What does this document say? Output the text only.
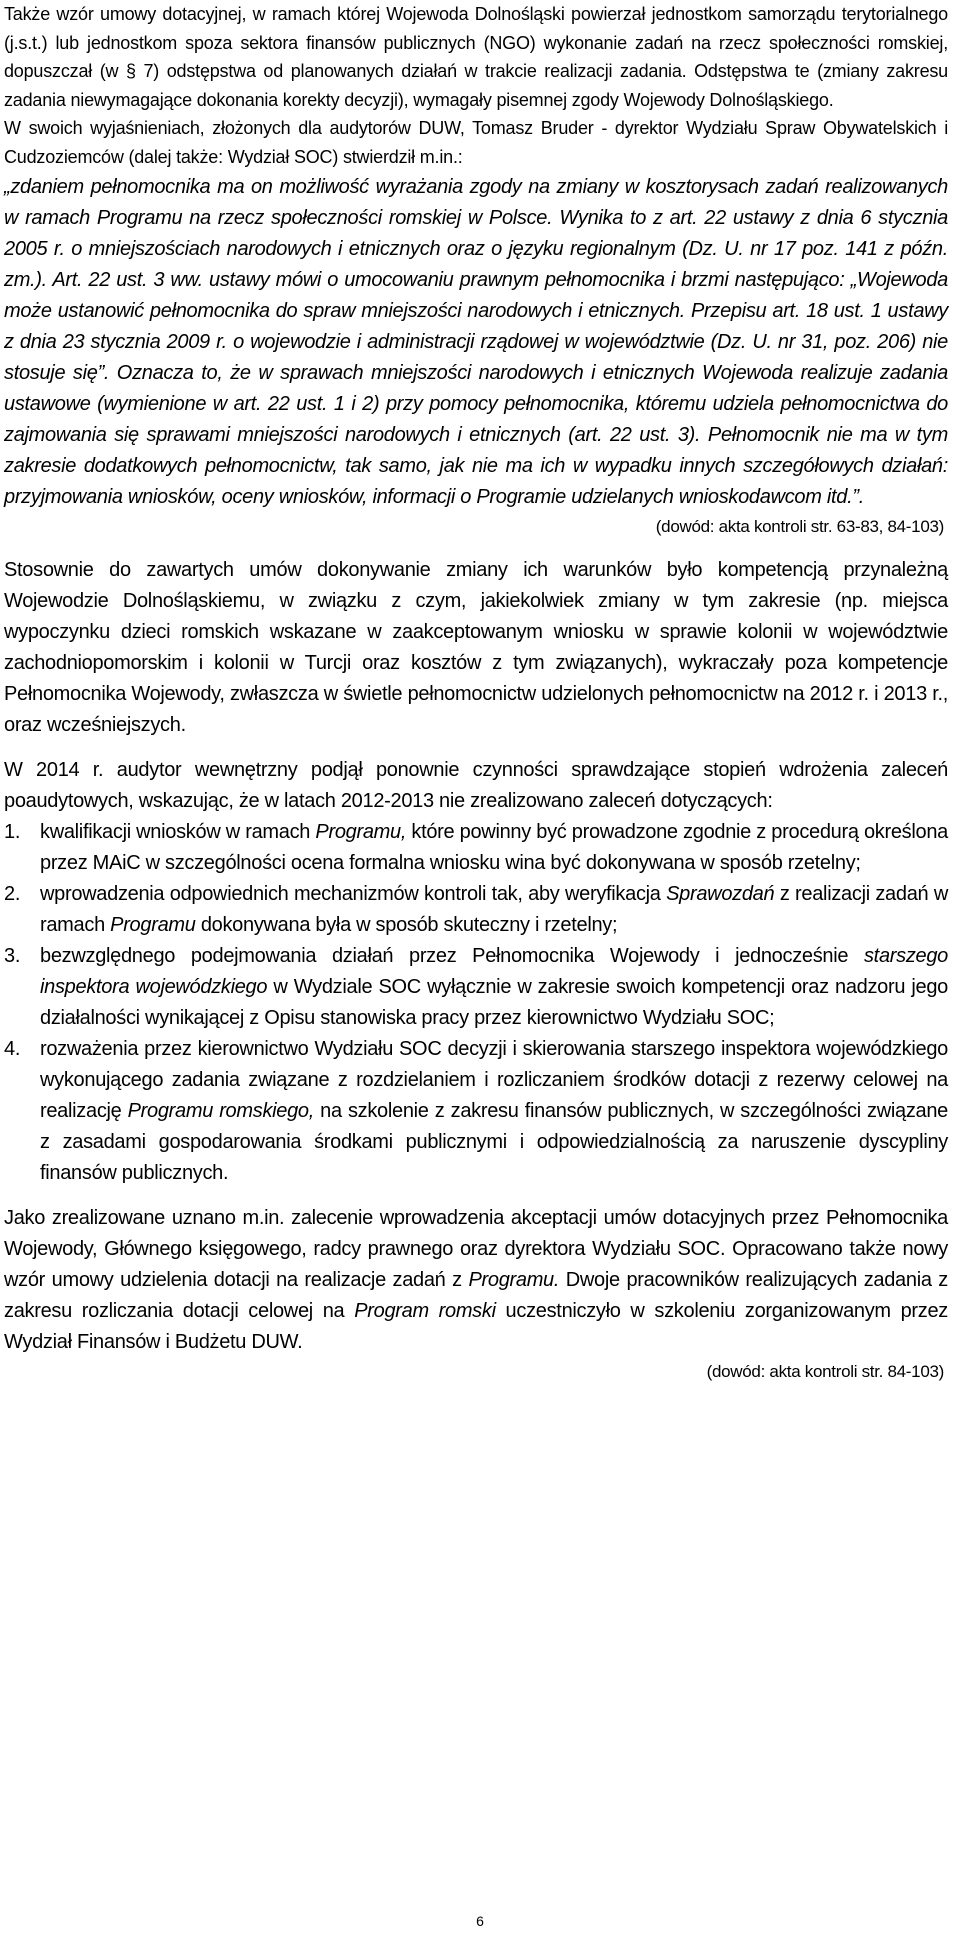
Także wzór umowy dotacyjnej, w ramach której Wojewoda Dolnośląski powierzał jednostkom samorządu terytorialnego (j.s.t.) lub jednostkom spoza sektora finansów publicznych (NGO) wykonanie zadań na rzecz społeczności romskiej, dopuszczał (w § 7) odstępstwa od planowanych działań w trakcie realizacji zadania. Odstępstwa te (zmiany zakresu zadania niewymagające dokonania korekty decyzji), wymagały pisemnej zgody Wojewody Dolnośląskiego.

W swoich wyjaśnieniach, złożonych dla audytorów DUW, Tomasz Bruder - dyrektor Wydziału Spraw Obywatelskich i Cudzoziemców (dalej także: Wydział SOC) stwierdził m.in.:

„zdaniem pełnomocnika ma on możliwość wyrażania zgody na zmiany w kosztorysach zadań realizowanych w ramach Programu na rzecz społeczności romskiej w Polsce. Wynika to z art. 22 ustawy z dnia 6 stycznia 2005 r. o mniejszościach narodowych i etnicznych oraz o języku regionalnym (Dz. U. nr 17 poz. 141 z późn. zm.). Art. 22 ust. 3 ww. ustawy mówi o umocowaniu prawnym pełnomocnika i brzmi następująco: „Wojewoda może ustanowić pełnomocnika do spraw mniejszości narodowych i etnicznych. Przepisu art. 18 ust. 1 ustawy z dnia 23 stycznia 2009 r. o wojewodzie i administracji rządowej w województwie (Dz. U. nr 31, poz. 206) nie stosuje się”. Oznacza to, że w sprawach mniejszości narodowych i etnicznych Wojewoda realizuje zadania ustawowe (wymienione w art. 22 ust. 1 i 2) przy pomocy pełnomocnika, któremu udziela pełnomocnictwa do zajmowania się sprawami mniejszości narodowych i etnicznych (art. 22 ust. 3). Pełnomocnik nie ma w tym zakresie dodatkowych pełnomocnictw, tak samo, jak nie ma ich w wypadku innych szczegółowych działań: przyjmowania wniosków, oceny wniosków, informacji o Programie udzielanych wnioskodawcom itd.”.

(dowód: akta kontroli str. 63-83, 84-103)

Stosownie do zawartych umów dokonywanie zmiany ich warunków było kompetencją przynależną Wojewodzie Dolnośląskiemu, w związku z czym, jakiekolwiek zmiany w tym zakresie (np. miejsca wypoczynku dzieci romskich wskazane w zaakceptowanym wniosku w sprawie kolonii w województwie zachodniopomorskim i kolonii w Turcji oraz kosztów z tym związanych), wykraczały poza kompetencje Pełnomocnika Wojewody, zwłaszcza w świetle pełnomocnictw udzielonych pełnomocnictw na 2012 r. i 2013 r., oraz wcześniejszych.

W 2014 r. audytor wewnętrzny podjął ponownie czynności sprawdzające stopień wdrożenia zaleceń poaudytowych, wskazując, że w latach 2012-2013 nie zrealizowano zaleceń dotyczących:

1. kwalifikacji wniosków w ramach Programu, które powinny być prowadzone zgodnie z procedurą określona przez MAiC w szczególności ocena formalna wniosku wina być dokonywana w sposób rzetelny;
2. wprowadzenia odpowiednich mechanizmów kontroli tak, aby weryfikacja Sprawozdań z realizacji zadań w ramach Programu dokonywana była w sposób skuteczny i rzetelny;
3. bezwzględnego podejmowania działań przez Pełnomocnika Wojewody i jednocześnie starszego inspektora wojewódzkiego w Wydziale SOC wyłącznie w zakresie swoich kompetencji oraz nadzoru jego działalności wynikającej z Opisu stanowiska pracy przez kierownictwo Wydziału SOC;
4. rozważenia przez kierownictwo Wydziału SOC decyzji i skierowania starszego inspektora wojewódzkiego wykonującego zadania związane z rozdzielaniem i rozliczaniem środków dotacji z rezerwy celowej na realizację Programu romskiego, na szkolenie z zakresu finansów publicznych, w szczególności związane z zasadami gospodarowania środkami publicznymi i odpowiedzialnością za naruszenie dyscypliny finansów publicznych.

Jako zrealizowane uznano m.in. zalecenie wprowadzenia akceptacji umów dotacyjnych przez Pełnomocnika Wojewody, Głównego księgowego, radcy prawnego oraz dyrektora Wydziału SOC. Opracowano także nowy wzór umowy udzielenia dotacji na realizacje zadań z Programu. Dwoje pracowników realizujących zadania z zakresu rozliczania dotacji celowej na Program romski uczestniczyło w szkoleniu zorganizowanym przez Wydział Finansów i Budżetu DUW.

(dowód: akta kontroli str. 84-103)

6
